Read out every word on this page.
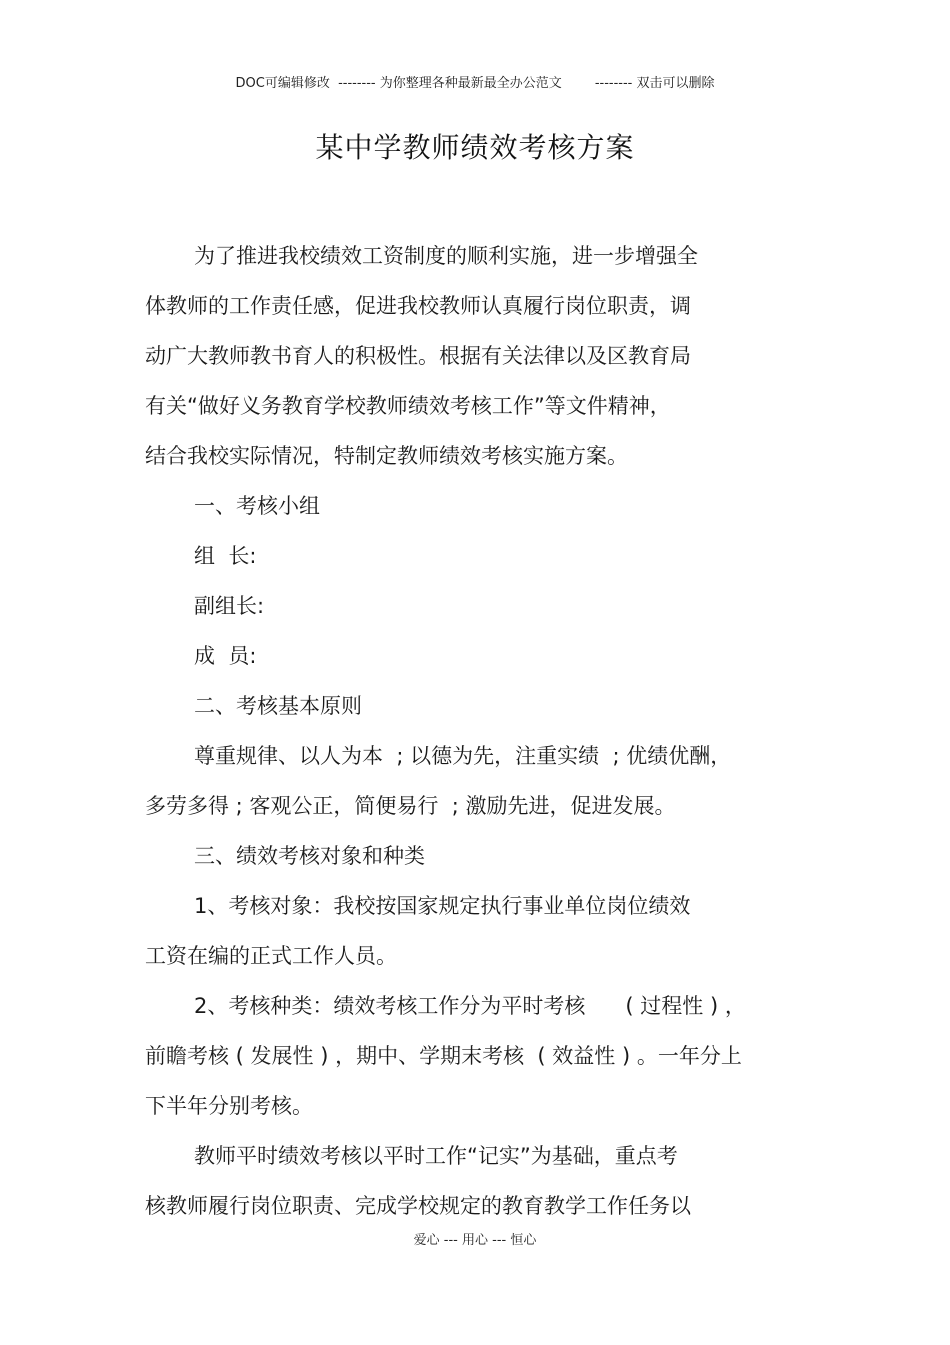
DOC可编辑修改  -------- 为你整理各种最新最全办公范文        -------- 双击可以删除
某中学教师绩效考核方案
为了推进我校绩效工资制度的顺利实施，进一步增强全
体教师的工作责任感，促进我校教师认真履行岗位职责，调
动广大教师教书育人的积极性。根据有关法律以及区教育局
有关“做好义务教育学校教师绩效考核工作”等文件精神，
结合我校实际情况，特制定教师绩效考核实施方案。
一、考核小组
组  长:
副组长:
成  员:
二、考核基本原则
尊重规律、以人为本  ; 以德为先，注重实绩  ; 优绩优酬，
多劳多得 ; 客观公正，简便易行  ; 激励先进，促进发展。
三、绩效考核对象和种类
1、考核对象：我校按国家规定执行事业单位岗位绩效
工资在编的正式工作人员。
2、考核种类：绩效考核工作分为平时考核      ( 过程性 ) ，
前瞻考核 ( 发展性 ) ，期中、学期末考核  ( 效益性 ) 。一年分上
下半年分别考核。
教师平时绩效考核以平时工作“记实”为基础，重点考
核教师履行岗位职责、完成学校规定的教育教学工作任务以
爱心 --- 用心 --- 恒心
